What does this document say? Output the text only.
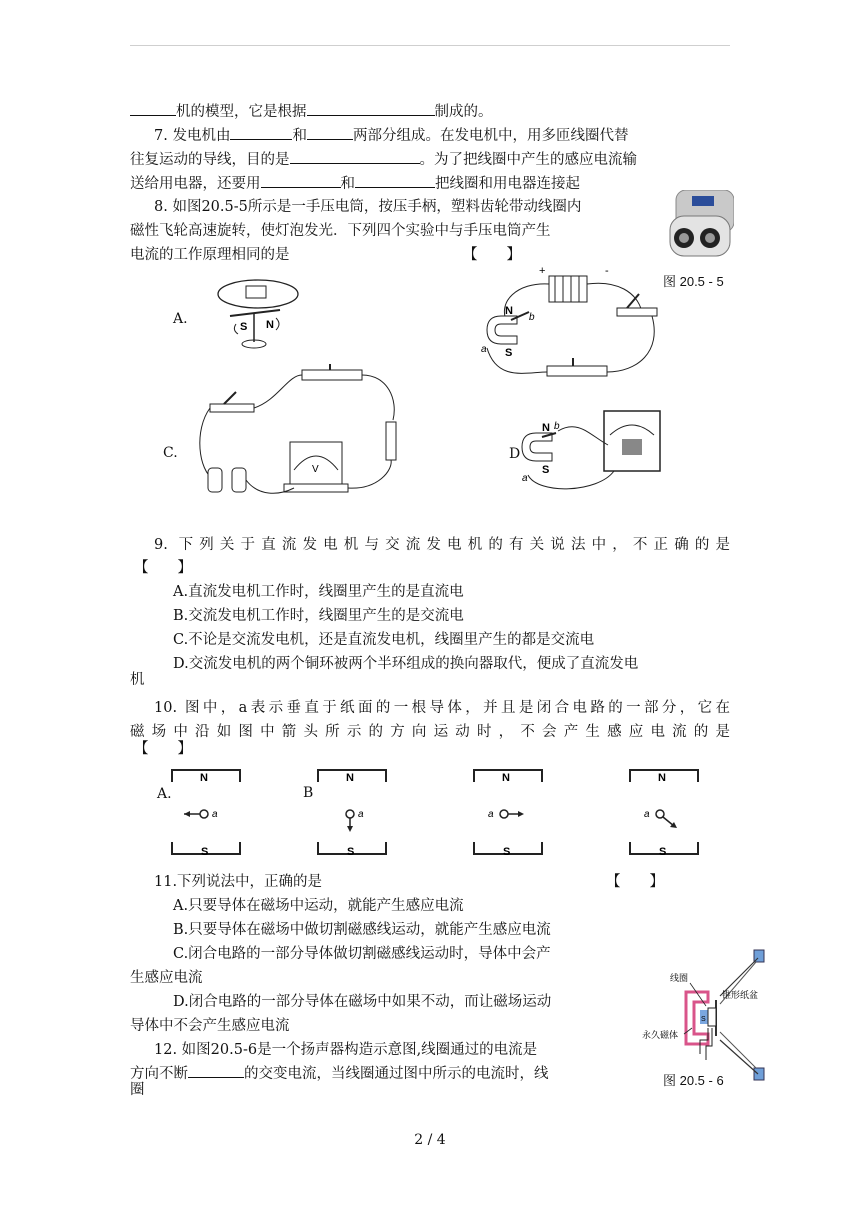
机的模型，它是根据	制成的。
7. 发电机由	和	两部分组成。在发电机中，用多匝线圈代替
往复运动的导线，目的是	。为了把线圈中产生的感应电流输
送给用电器，还要用	和	把线圈和用电器连接起
8. 如图20.5-5所示是一手压电筒，按压手柄，塑料齿轮带动线圈内
磁性飞轮高速旋转，使灯泡发光．下列四个实验中与手压电筒产生
电流的工作原理相同的是	【　　】
图 20.5 - 5
A.	S N
+	-
N
S
a
b
C.
V
D
N
S
a
b
9. 下列关于直流发电机与交流发电机的有关说法中，不正确的是
【　　】
A.直流发电机工作时，线圈里产生的是直流电
B.交流发电机工作时，线圈里产生的是交流电
C.不论是交流发电机，还是直流发电机，线圈里产生的都是交流电
D.交流发电机的两个铜环被两个半环组成的换向器取代，便成了直流发电
机
10. 图中，a表示垂直于纸面的一根导体，并且是闭合电路的一部分，它在
磁场中沿如图中箭头所示的方向运动时，不会产生感应电流的是
【　　】
A.	B
N
S
a
N
S
a
N
S
a
N
S
a
11.下列说法中，正确的是	【　　】
A.只要导体在磁场中运动，就能产生感应电流
B.只要导体在磁场中做切割磁感线运动，就能产生感应电流
C.闭合电路的一部分导体做切割磁感线运动时，导体中会产
生感应电流
D.闭合电路的一部分导体在磁场中如果不动，而让磁场运动
导体中不会产生感应电流
12. 如图20.5-6是一个扬声器构造示意图,线圈通过的电流是
方向不断	的交变电流，当线圈通过图中所示的电流时，线
圈
S
线圈
锥形纸盆
永久磁体
图 20.5 - 6
2 / 4
